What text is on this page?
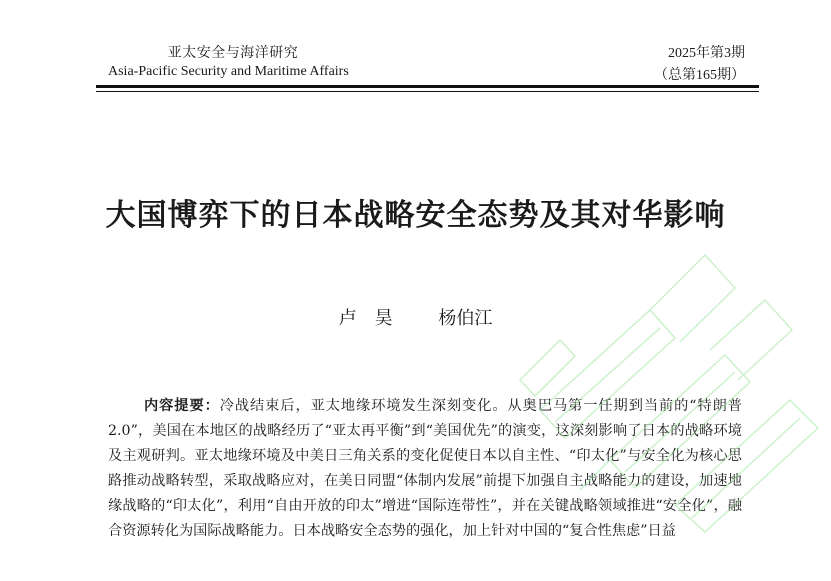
亚太安全与海洋研究
Asia-Pacific Security and Maritime Affairs
2025年第3期
（总第165期）
大国博弈下的日本战略安全态势及其对华影响
卢昊 杨伯江
内容提要：冷战结束后，亚太地缘环境发生深刻变化。从奥巴马第一任期到当前的“特朗普 2.0”，美国在本地区的战略经历了“亚太再平衡”到“美国优先”的演变，这深刻影响了日本的战略环境及主观研判。亚太地缘环境及中美日三角关系的变化促使日本以自主性、“印太化”与安全化为核心思路推动战略转型，采取战略应对，在美日同盟“体制内发展”前提下加强自主战略能力的建设，加速地缘战略的“印太化”，利用“自由开放的印太”增进“国际连带性”，并在关键战略领域推进“安全化”，融合资源转化为国际战略能力。日本战略安全态势的强化，加上针对中国的“复合性焦虑”日益
